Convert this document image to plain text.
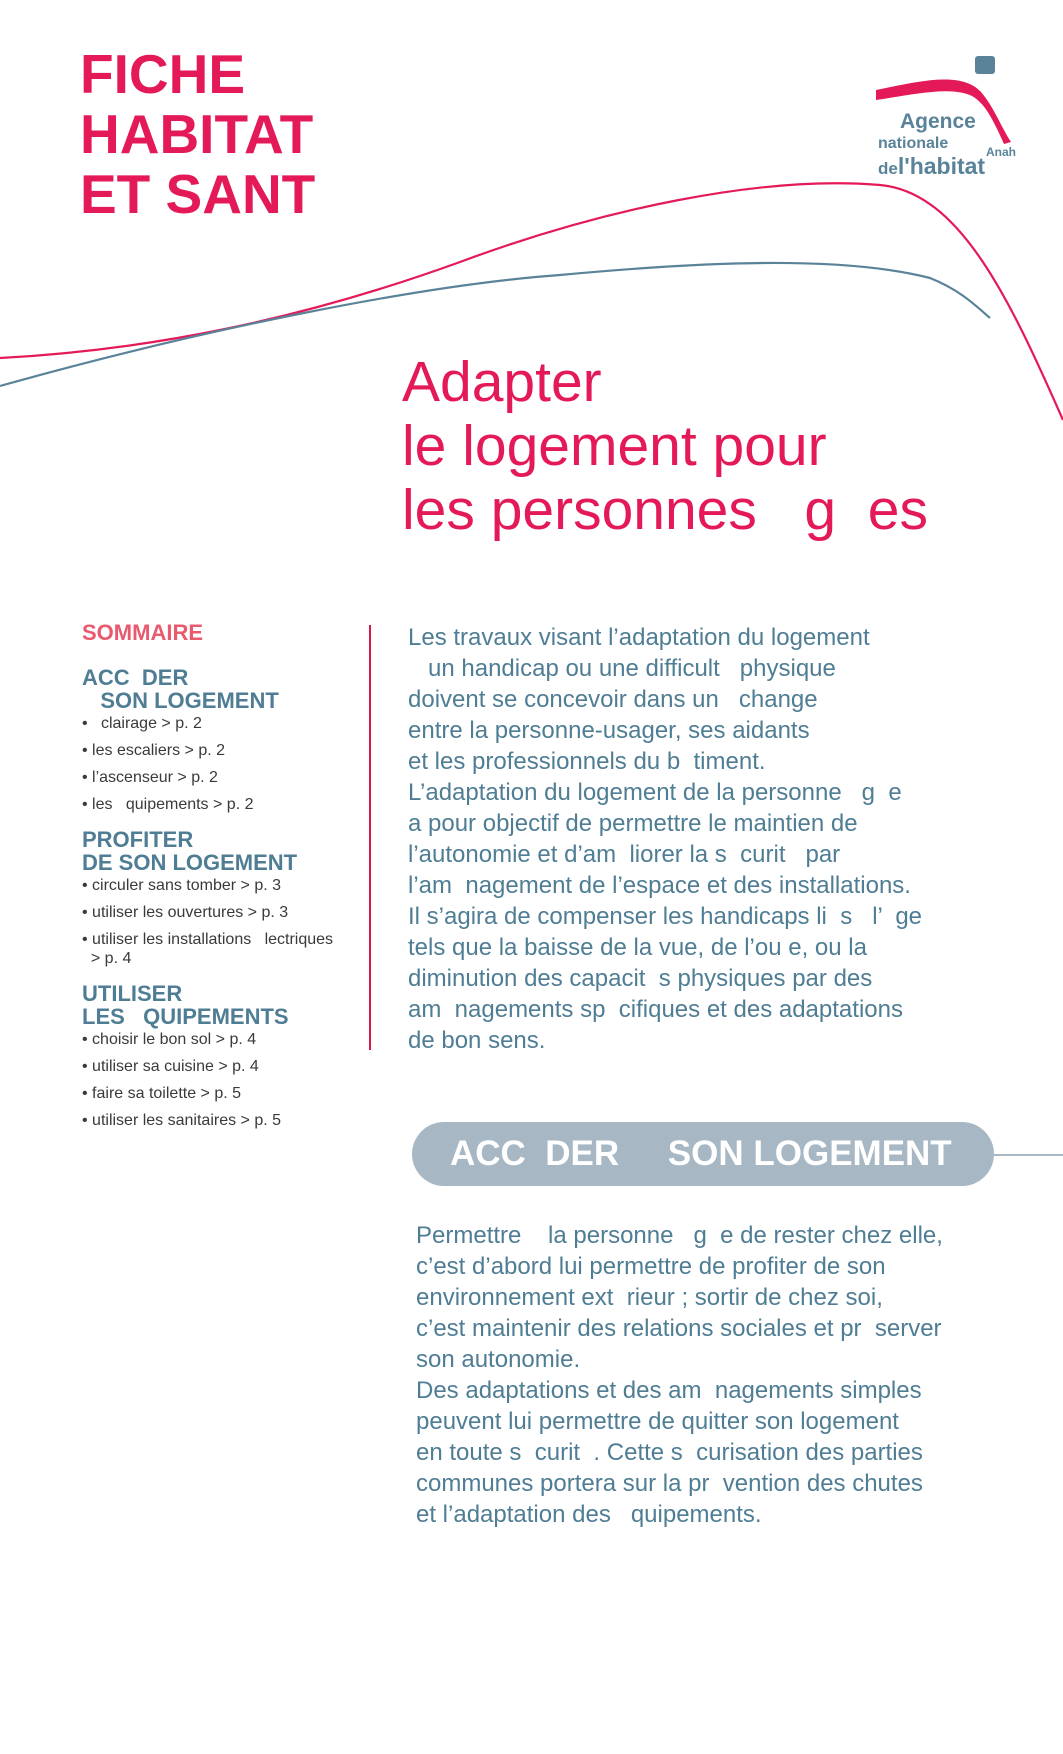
FICHE
HABITAT
ET SANT
Agence
nationale	Anah
del'habitat
Adapter
le logement pour
les personnes   g  es
SOMMAIRE
ACC  DER
SON LOGEMENT
•   clairage > p. 2
• les escaliers > p. 2
• l’ascenseur > p. 2
• les   quipements > p. 2
PROFITER
DE SON LOGEMENT
• circuler sans tomber > p. 3
• utiliser les ouvertures > p. 3
• utiliser les installations   lectriques
> p. 4
UTILISER
LES   QUIPEMENTS
• choisir le bon sol > p. 4
• utiliser sa cuisine > p. 4
• faire sa toilette > p. 5
• utiliser les sanitaires > p. 5
Les travaux visant l’adaptation du logement
un handicap ou une difficult   physique
doivent se concevoir dans un   change
entre la personne-usager, ses aidants
et les professionnels du b  timent.
L’adaptation du logement de la personne   g  e
a pour objectif de permettre le maintien de
l’autonomie et d’am  liorer la s  curit   par
l’am  nagement de l’espace et des installations.
Il s’agira de compenser les handicaps li  s   l’  ge
tels que la baisse de la vue, de l’ou e, ou la
diminution des capacit  s physiques par des
am  nagements sp  cifiques et des adaptations
de bon sens.
ACC  DER     SON LOGEMENT
Permettre    la personne   g  e de rester chez elle,
c’est d’abord lui permettre de profiter de son
environnement ext  rieur ; sortir de chez soi,
c’est maintenir des relations sociales et pr  server
son autonomie.
Des adaptations et des am  nagements simples
peuvent lui permettre de quitter son logement
en toute s  curit  . Cette s  curisation des parties
communes portera sur la pr  vention des chutes
et l’adaptation des   quipements.
